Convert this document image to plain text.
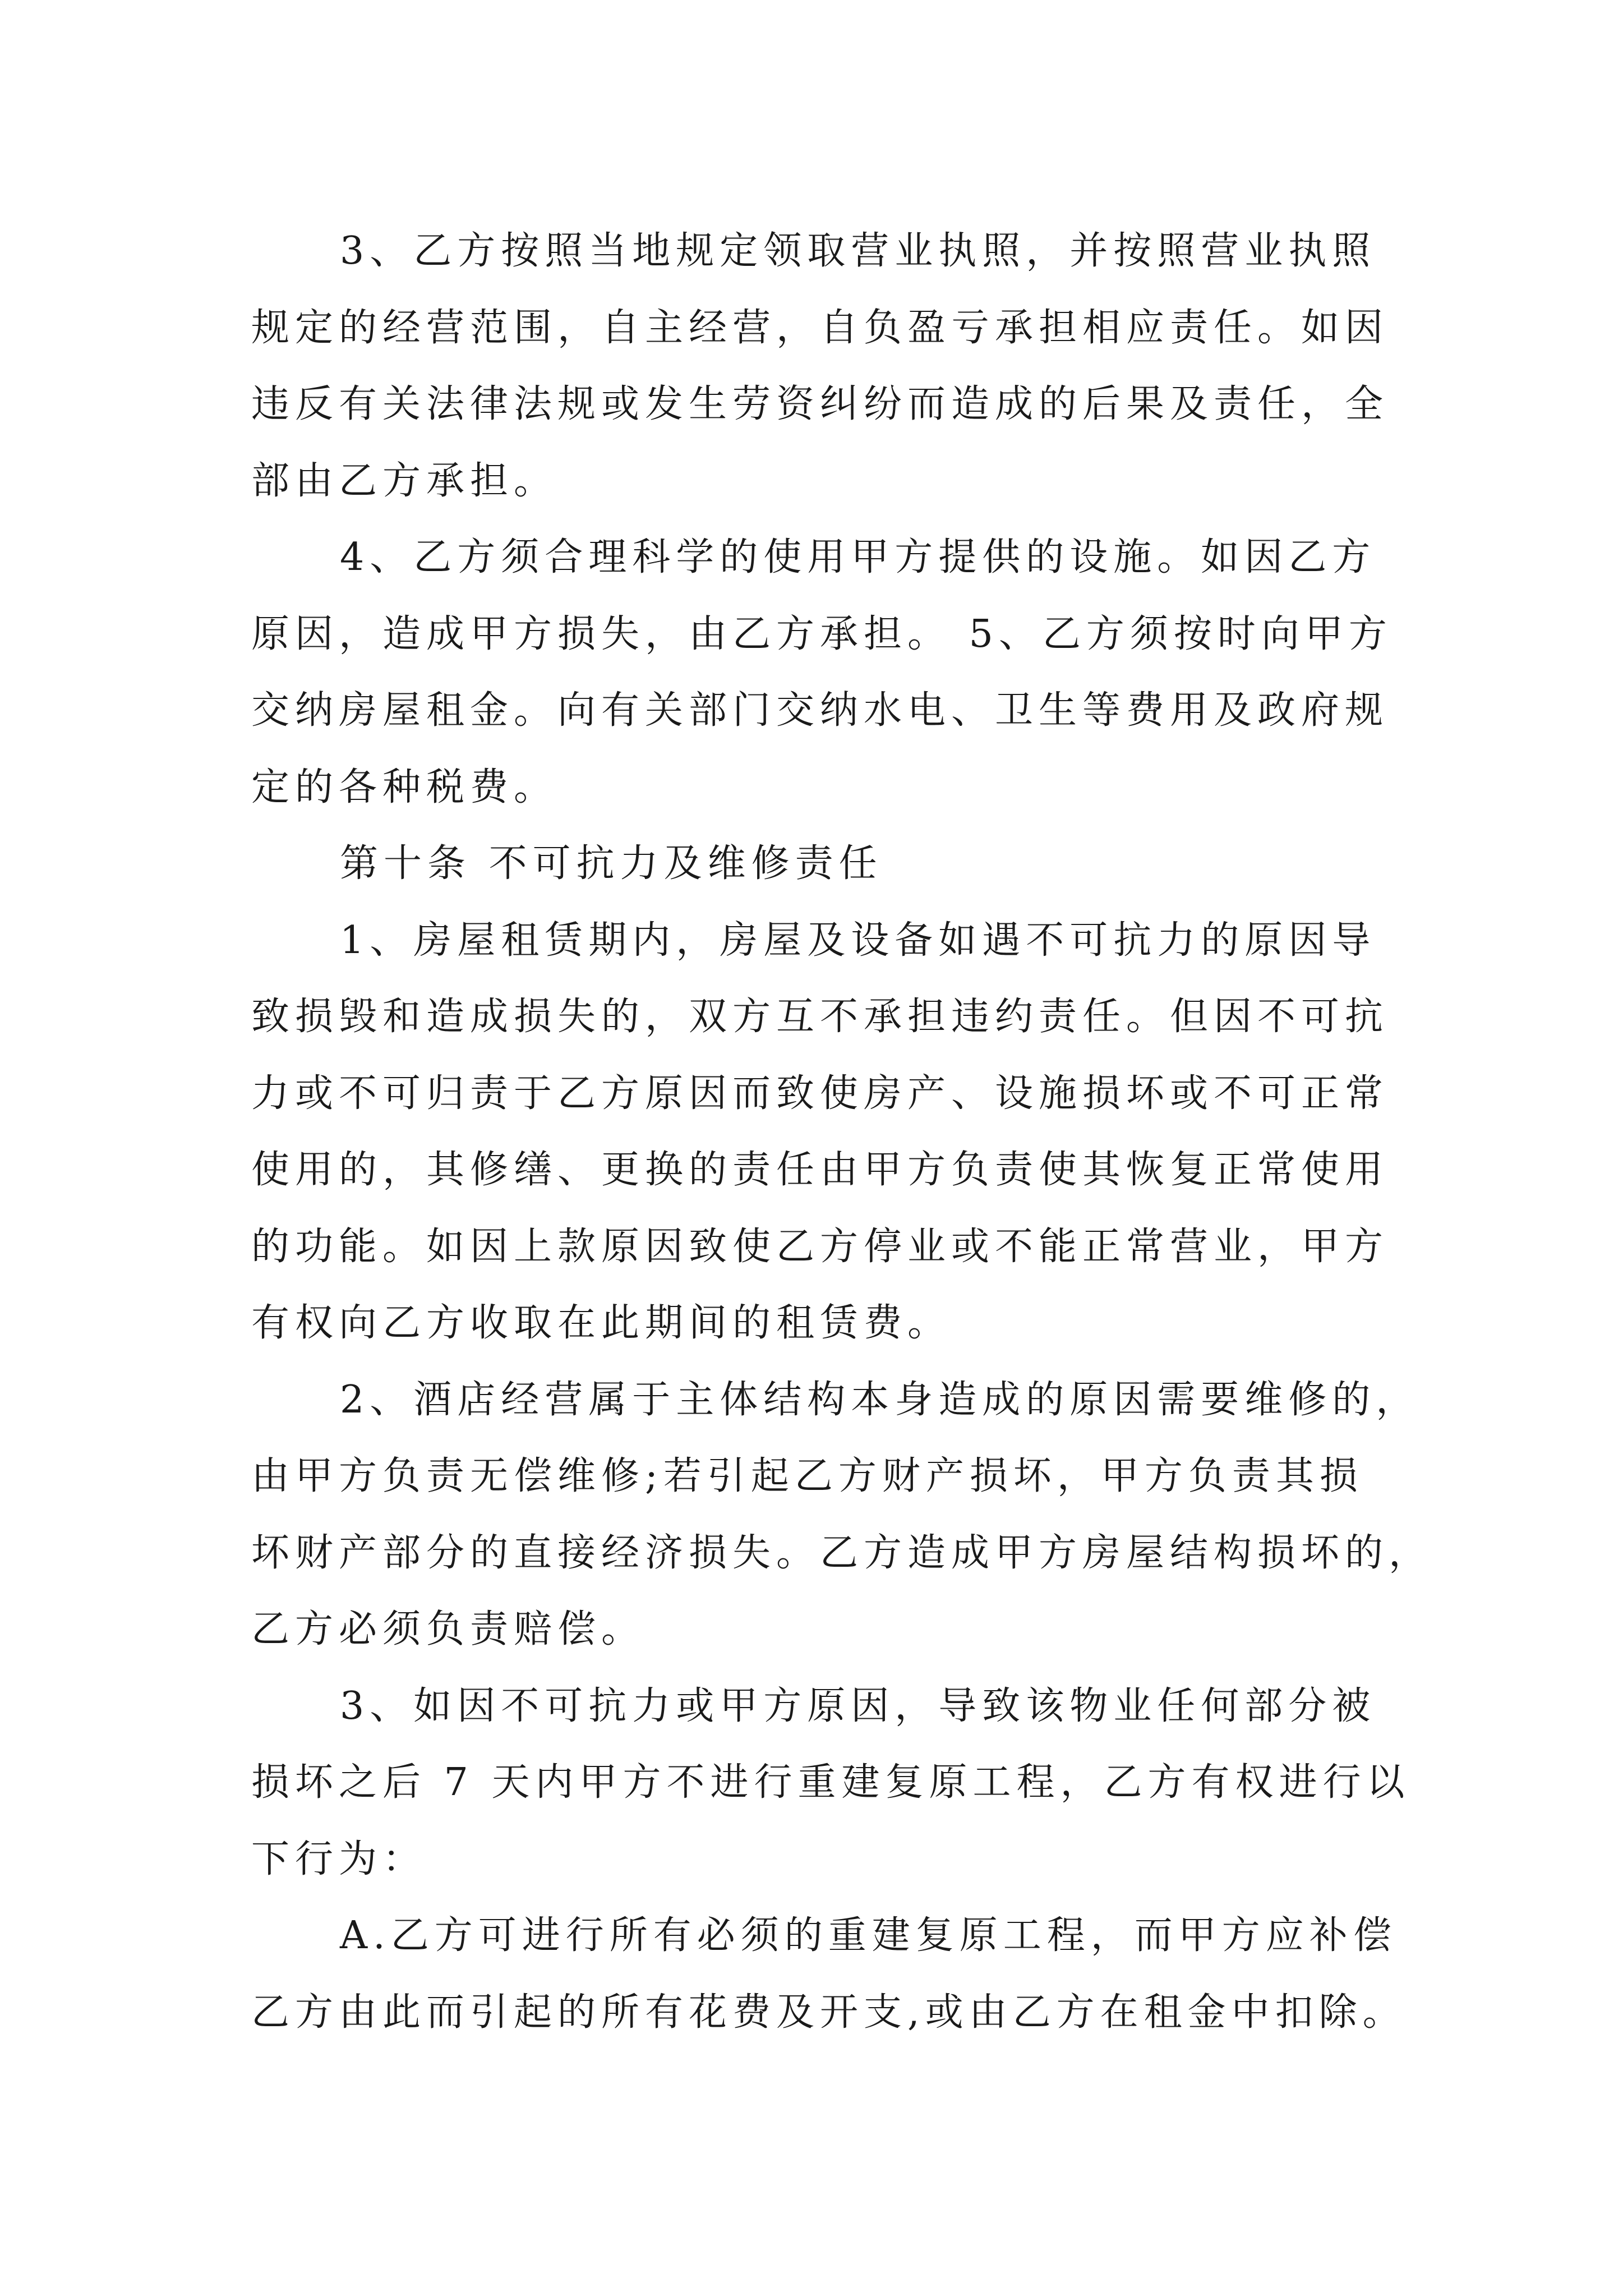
3、乙方按照当地规定领取营业执照，并按照营业执照
规定的经营范围，自主经营，自负盈亏承担相应责任。如因
违反有关法律法规或发生劳资纠纷而造成的后果及责任，全
部由乙方承担。
4、乙方须合理科学的使用甲方提供的设施。如因乙方
原因，造成甲方损失，由乙方承担。 5、乙方须按时向甲方
交纳房屋租金。向有关部门交纳水电、卫生等费用及政府规
定的各种税费。
第十条 不可抗力及维修责任
1、房屋租赁期内，房屋及设备如遇不可抗力的原因导
致损毁和造成损失的，双方互不承担违约责任。但因不可抗
力或不可归责于乙方原因而致使房产、设施损坏或不可正常
使用的，其修缮、更换的责任由甲方负责使其恢复正常使用
的功能。如因上款原因致使乙方停业或不能正常营业，甲方
有权向乙方收取在此期间的租赁费。
2、酒店经营属于主体结构本身造成的原因需要维修的，
由甲方负责无偿维修;若引起乙方财产损坏，甲方负责其损
坏财产部分的直接经济损失。乙方造成甲方房屋结构损坏的，
乙方必须负责赔偿。
3、如因不可抗力或甲方原因，导致该物业任何部分被
损坏之后 7 天内甲方不进行重建复原工程，乙方有权进行以
下行为：
A.乙方可进行所有必须的重建复原工程，而甲方应补偿
乙方由此而引起的所有花费及开支,或由乙方在租金中扣除。
